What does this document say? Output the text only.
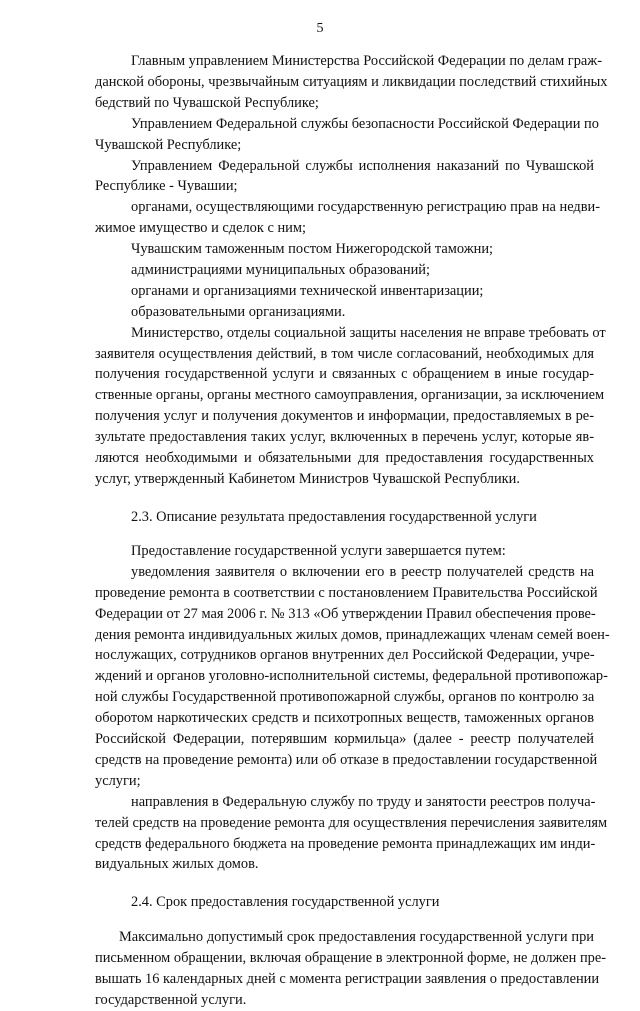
5

Главным управлением Министерства Российской Федерации по делам граж-

данской обороны, чрезвычайным ситуациям и ликвидации последствий стихийных

бедствий по Чувашской Республике;

Управлением Федеральной службы безопасности Российской Федерации по

Чувашской Республике;

Управлением Федеральной службы исполнения наказаний по Чувашской

Республике - Чувашии;

органами, осуществляющими государственную регистрацию прав на недви-

жимое имущество и сделок с ним;

Чувашским таможенным постом Нижегородской таможни;

администрациями муниципальных образований;

органами и организациями технической инвентаризации;

образовательными организациями.

Министерство, отделы социальной защиты населения не вправе требовать от

заявителя осуществления действий, в том числе согласований, необходимых для

получения государственной услуги и связанных с обращением в иные государ-

ственные органы, органы местного самоуправления, организации, за исключением

получения услуг и получения документов и информации, предоставляемых в ре-

зультате предоставления таких услуг, включенных в перечень услуг, которые яв-

ляются необходимыми и обязательными для предоставления государственных

услуг, утвержденный Кабинетом Министров Чувашской Республики.

2.3. Описание результата предоставления государственной услуги

Предоставление государственной услуги завершается путем:

уведомления заявителя о включении его в реестр получателей средств на

проведение ремонта в соответствии с постановлением Правительства Российской

Федерации от 27 мая 2006 г. № 313 «Об утверждении Правил обеспечения прове-

дения ремонта индивидуальных жилых домов, принадлежащих членам семей воен-

нослужащих, сотрудников органов внутренних дел Российской Федерации, учре-

ждений и органов уголовно-исполнительной системы, федеральной противопожар-

ной службы Государственной противопожарной службы, органов по контролю за

оборотом наркотических средств и психотропных веществ, таможенных органов

Российской Федерации, потерявшим кормильца» (далее - реестр получателей

средств на проведение ремонта) или об отказе в предоставлении государственной

услуги;

направления в Федеральную службу по труду и занятости реестров получа-

телей средств на проведение ремонта для осуществления перечисления заявителям

средств федерального бюджета на проведение ремонта принадлежащих им инди-

видуальных жилых домов.

2.4. Срок предоставления государственной услуги

Максимально допустимый срок предоставления государственной услуги при

письменном обращении, включая обращение в электронной форме, не должен пре-

вышать 16 календарных дней с момента регистрации заявления о предоставлении

государственной услуги.
